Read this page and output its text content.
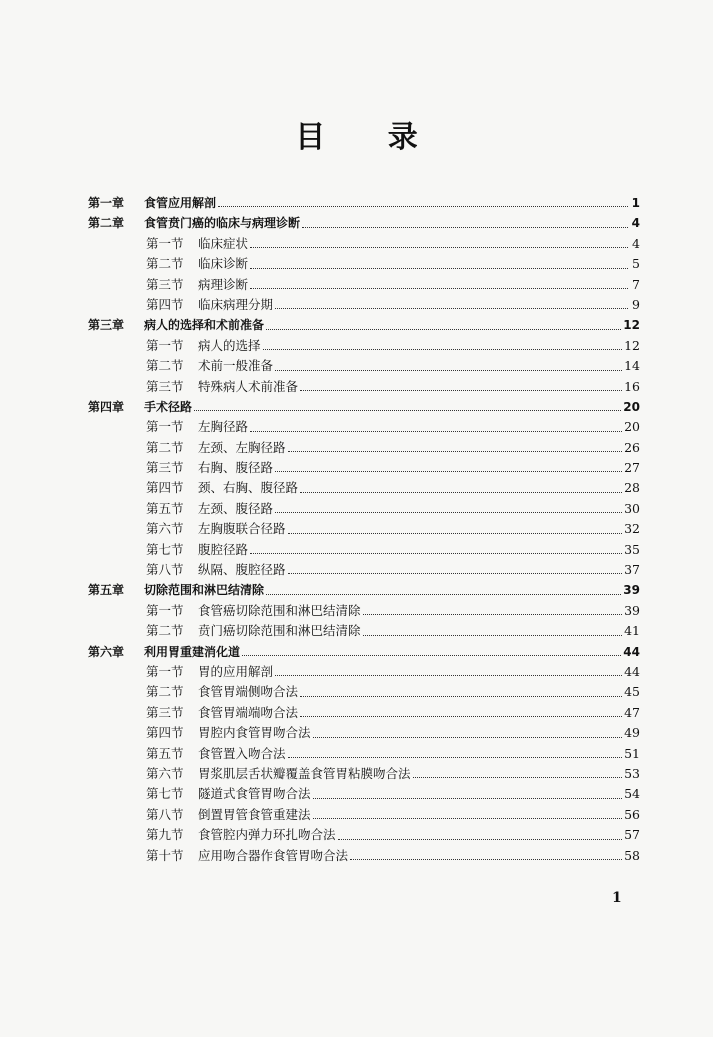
目 录
第一章	食管应用解剖	1
第二章	食管贲门癌的临床与病理诊断	4
第一节	临床症状	4
第二节	临床诊断	5
第三节	病理诊断	7
第四节	临床病理分期	9
第三章	病人的选择和术前准备	12
第一节	病人的选择	12
第二节	术前一般准备	14
第三节	特殊病人术前准备	16
第四章	手术径路	20
第一节	左胸径路	20
第二节	左颈、左胸径路	26
第三节	右胸、腹径路	27
第四节	颈、右胸、腹径路	28
第五节	左颈、腹径路	30
第六节	左胸腹联合径路	32
第七节	腹腔径路	35
第八节	纵隔、腹腔径路	37
第五章	切除范围和淋巴结清除	39
第一节	食管癌切除范围和淋巴结清除	39
第二节	贲门癌切除范围和淋巴结清除	41
第六章	利用胃重建消化道	44
第一节	胃的应用解剖	44
第二节	食管胃端侧吻合法	45
第三节	食管胃端端吻合法	47
第四节	胃腔内食管胃吻合法	49
第五节	食管置入吻合法	51
第六节	胃浆肌层舌状瓣覆盖食管胃粘膜吻合法	53
第七节	隧道式食管胃吻合法	54
第八节	倒置胃管食管重建法	56
第九节	食管腔内弹力环扎吻合法	57
第十节	应用吻合器作食管胃吻合法	58
1
